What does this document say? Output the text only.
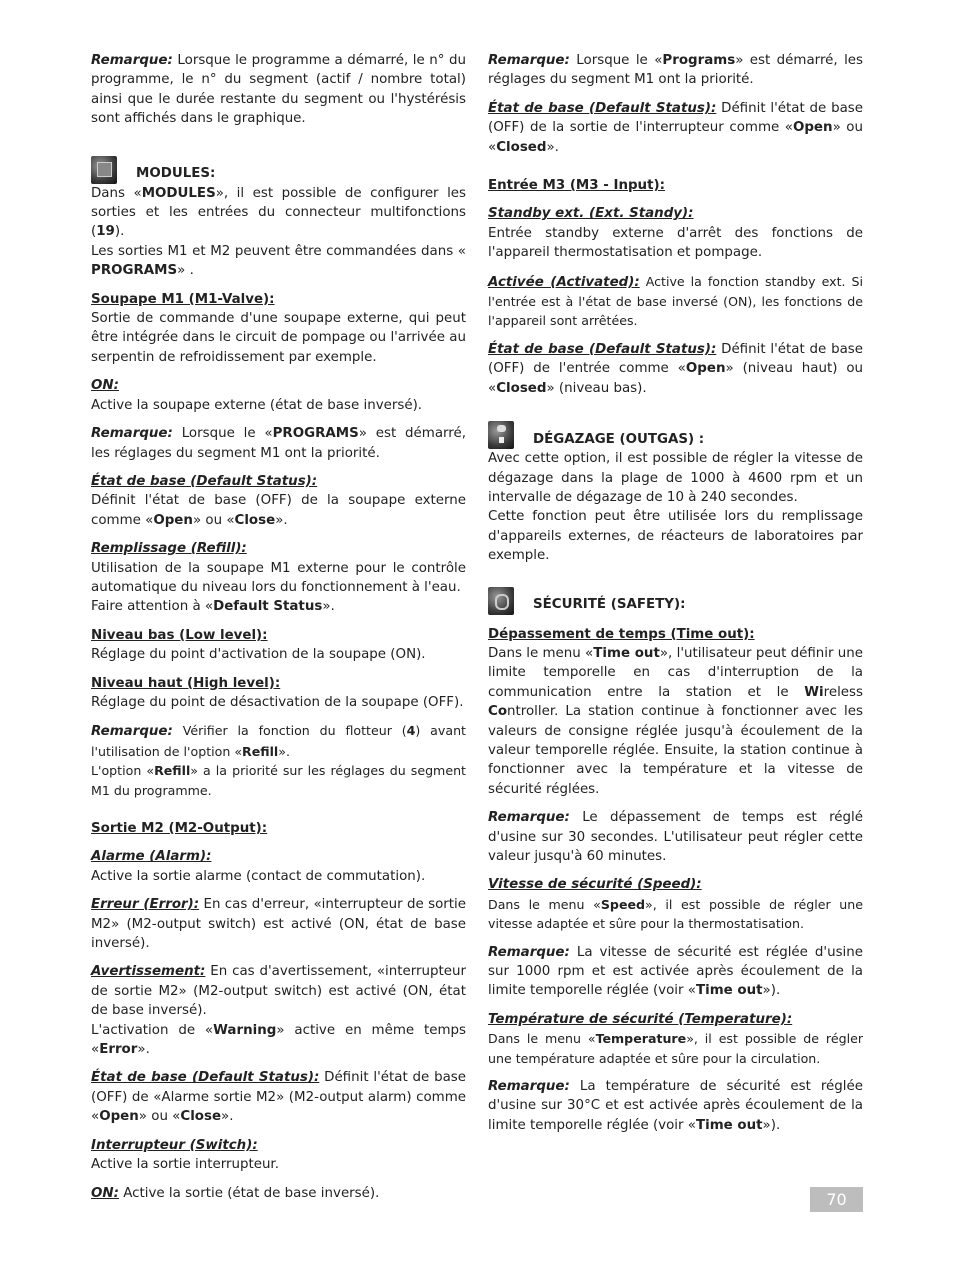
Remarque: Lorsque le programme a démarré, le n° du programme, le n° du segment (actif / nombre total) ainsi que le durée restante du segment ou l'hystérésis sont affichés dans le graphique.

MODULES:

Dans «MODULES», il est possible de configurer les sorties et les entrées du connecteur multifonctions (19).

Les sorties M1 et M2 peuvent être commandées dans « PROGRAMS» .

Soupape M1 (M1-Valve):

Sortie de commande d'une soupape externe, qui peut être intégrée dans le circuit de pompage ou l'arrivée au serpentin de refroidissement par exemple.

ON:

Active la soupape externe (état de base inversé).

Remarque: Lorsque le «PROGRAMS» est démarré, les réglages du segment M1 ont la priorité.

État de base (Default Status):

Définit l'état de base (OFF) de la soupape externe comme «Open» ou «Close».

Remplissage (Refill):

Utilisation de la soupape M1 externe pour le contrôle automatique du niveau lors du fonctionnement à l'eau.

Faire attention à «Default Status».

Niveau bas (Low level):

Réglage du point d'activation de la soupape (ON).

Niveau haut (High level):

Réglage du point de désactivation de la soupape (OFF).

Remarque: Vérifier la fonction du flotteur (4) avant l'utilisation de l'option «Refill».

L'option «Refill» a la priorité sur les réglages du segment M1 du programme.

Sortie M2 (M2-Output):

Alarme (Alarm):

Active la sortie alarme (contact de commutation).

Erreur (Error): En cas d'erreur, «interrupteur de sortie M2» (M2-output switch) est activé (ON, état de base inversé).

Avertissement: En cas d'avertissement, «interrupteur de sortie M2» (M2-output switch) est activé (ON, état de base inversé).

L'activation de «Warning» active en même temps «Error».

État de base (Default Status): Définit l'état de base (OFF) de «Alarme sortie M2» (M2-output alarm) comme «Open» ou «Close».

Interrupteur (Switch):

Active la sortie interrupteur.

ON: Active la sortie (état de base inversé).

Remarque: Lorsque le «Programs» est démarré, les réglages du segment M1 ont la priorité.

État de base (Default Status): Définit l'état de base (OFF) de la sortie de l'interrupteur comme «Open» ou «Closed».

Entrée M3 (M3 - Input):

Standby ext. (Ext. Standy):

Entrée standby externe d'arrêt des fonctions de l'appareil thermostatisation et pompage.

Activée (Activated): Active la fonction standby ext. Si l'entrée est à l'état de base inversé (ON), les fonctions de l'appareil sont arrêtées.

État de base (Default Status): Définit l'état de base (OFF) de l'entrée comme «Open» (niveau haut) ou «Closed» (niveau bas).

DÉGAZAGE (OUTGAS) :

Avec cette option, il est possible de régler la vitesse de dégazage dans la plage de 1000 à 4600 rpm et un intervalle de dégazage de 10 à 240 secondes.

Cette fonction peut être utilisée lors du remplissage d'appareils externes, de réacteurs de laboratoires par exemple.

SÉCURITÉ (SAFETY):

Dépassement de temps (Time out):

Dans le menu «Time out», l'utilisateur peut définir une limite temporelle en cas d'interruption de la communication entre la station et le Wireless Controller. La station continue à fonctionner avec les valeurs de consigne réglée jusqu'à écoulement de la valeur temporelle réglée. Ensuite, la station continue à fonctionner avec la température et la vitesse de sécurité réglées.

Remarque: Le dépassement de temps est réglé d'usine sur 30 secondes. L'utilisateur peut régler cette valeur jusqu'à 60 minutes.

Vitesse de sécurité (Speed):

Dans le menu «Speed», il est possible de régler une vitesse adaptée et sûre pour la thermostatisation.

Remarque: La vitesse de sécurité est réglée d'usine sur 1000 rpm et est activée après écoulement de la limite temporelle réglée (voir «Time out»).

Température de sécurité (Temperature):

Dans le menu «Temperature», il est possible de régler une température adaptée et sûre pour la circulation.

Remarque: La température de sécurité est réglée d'usine sur 30°C et est activée après écoulement de la limite temporelle réglée (voir «Time out»).

70
